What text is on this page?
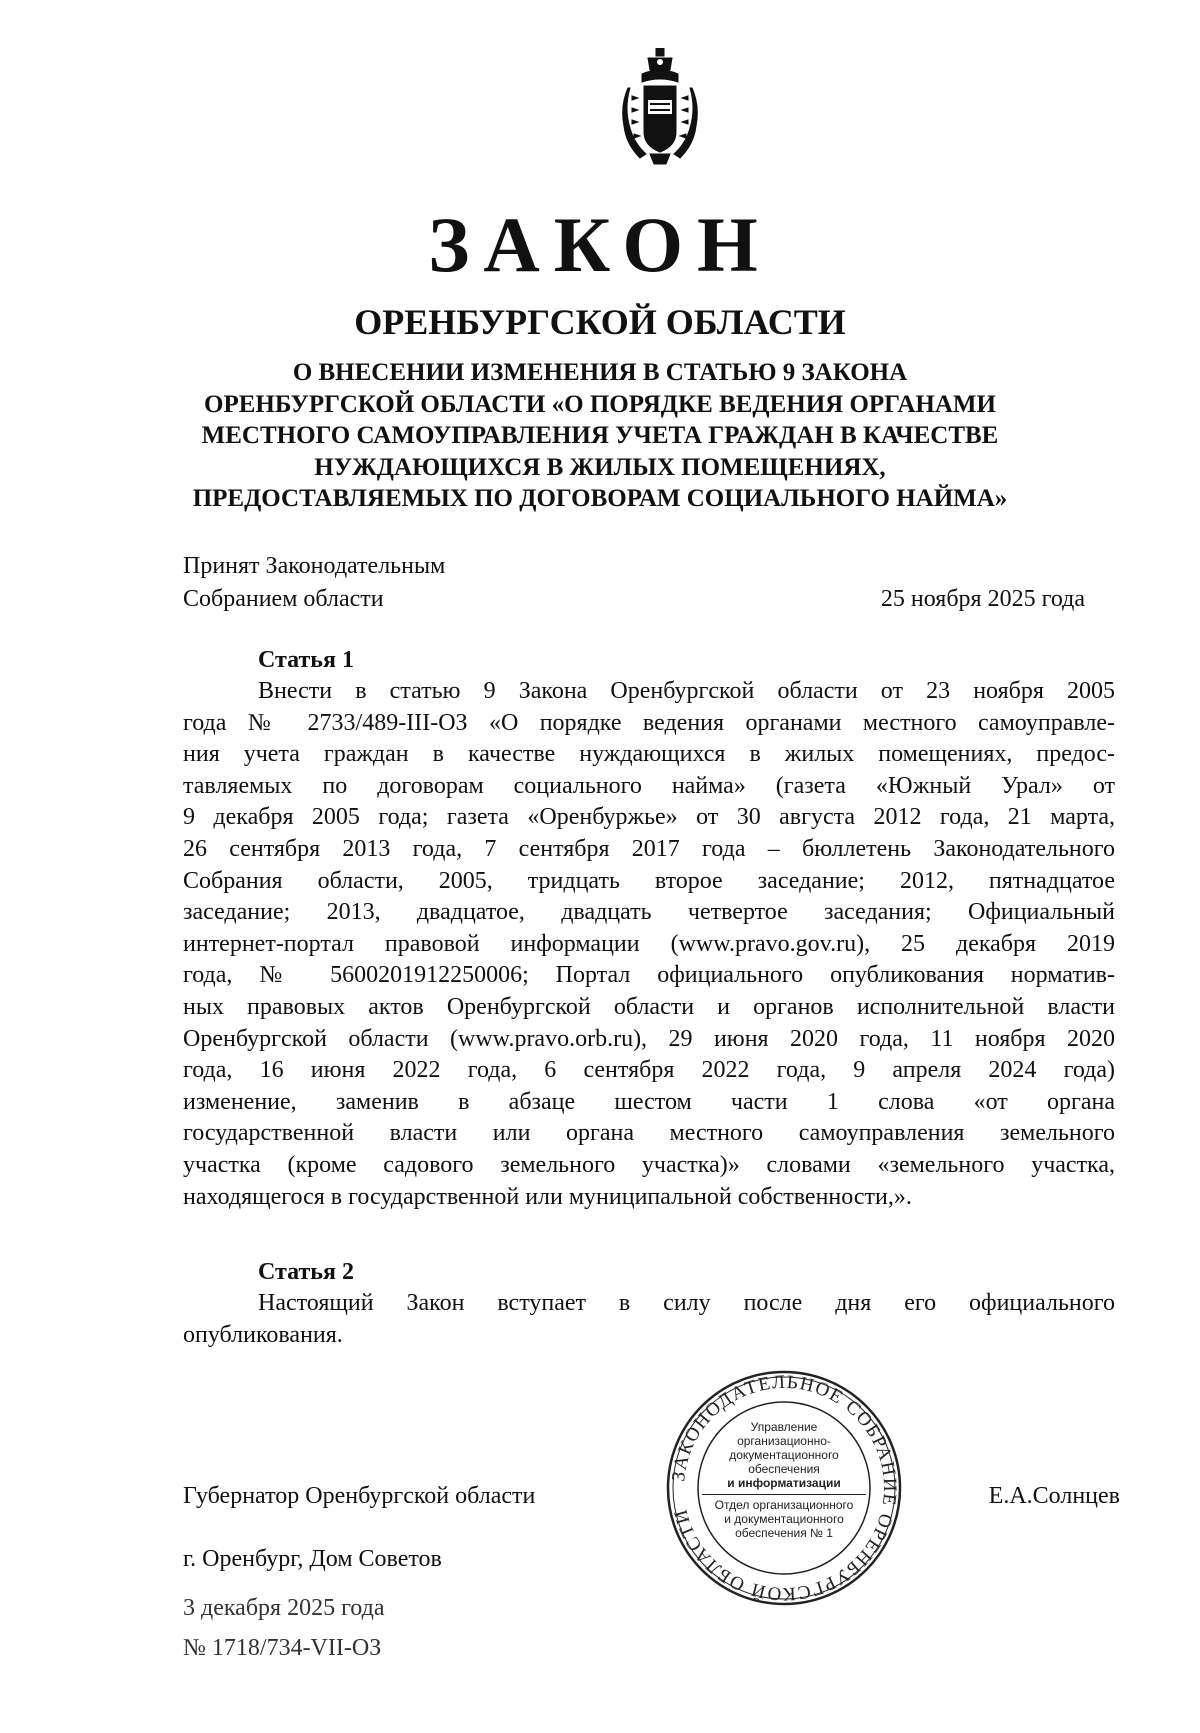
ЗАКОН
ОРЕНБУРГСКОЙ ОБЛАСТИ
О ВНЕСЕНИИ ИЗМЕНЕНИЯ В СТАТЬЮ 9 ЗАКОНА
ОРЕНБУРГСКОЙ ОБЛАСТИ «О ПОРЯДКЕ ВЕДЕНИЯ ОРГАНАМИ
МЕСТНОГО САМОУПРАВЛЕНИЯ УЧЕТА ГРАЖДАН В КАЧЕСТВЕ
НУЖДАЮЩИХСЯ В ЖИЛЫХ ПОМЕЩЕНИЯХ,
ПРЕДОСТАВЛЯЕМЫХ ПО ДОГОВОРАМ СОЦИАЛЬНОГО НАЙМА»
Принят Законодательным
Собранием области	25 ноября 2025 года
Статья 1
Внести в статью 9 Закона Оренбургской области от 23 ноября 2005
года № 2733/489-III-ОЗ «О порядке ведения органами местного самоуправле-
ния учета граждан в качестве нуждающихся в жилых помещениях, предос-
тавляемых по договорам социального найма» (газета «Южный Урал» от
9 декабря 2005 года; газета «Оренбуржье» от 30 августа 2012 года, 21 марта,
26 сентября 2013 года, 7 сентября 2017 года – бюллетень Законодательного
Собрания области, 2005, тридцать второе заседание; 2012, пятнадцатое
заседание; 2013, двадцатое, двадцать четвертое заседания; Официальный
интернет-портал правовой информации (www.pravo.gov.ru), 25 декабря 2019
года, № 5600201912250006; Портал официального опубликования норматив-
ных правовых актов Оренбургской области и органов исполнительной власти
Оренбургской области (www.pravo.orb.ru), 29 июня 2020 года, 11 ноября 2020
года, 16 июня 2022 года, 6 сентября 2022 года, 9 апреля 2024 года)
изменение, заменив в абзаце шестом части 1 слова «от органа
государственной власти или органа местного самоуправления земельного
участка (кроме садового земельного участка)» словами «земельного участка,
находящегося в государственной или муниципальной собственности,».
Статья 2
Настоящий Закон вступает в силу после дня его официального
опубликования.
ЗАКОНОДАТЕЛЬНОЕ СОБРАНИЕ ОРЕНБУРГСКОЙ ОБЛАСТИ
Управление
организационно-
документационного
обеспечения
и информатизации
Отдел организационного
и документационного
обеспечения № 1
Губернатор Оренбургской области	Е.А.Солнцев
г. Оренбург, Дом Советов
3 декабря 2025 года
№ 1718/734-VII-ОЗ
